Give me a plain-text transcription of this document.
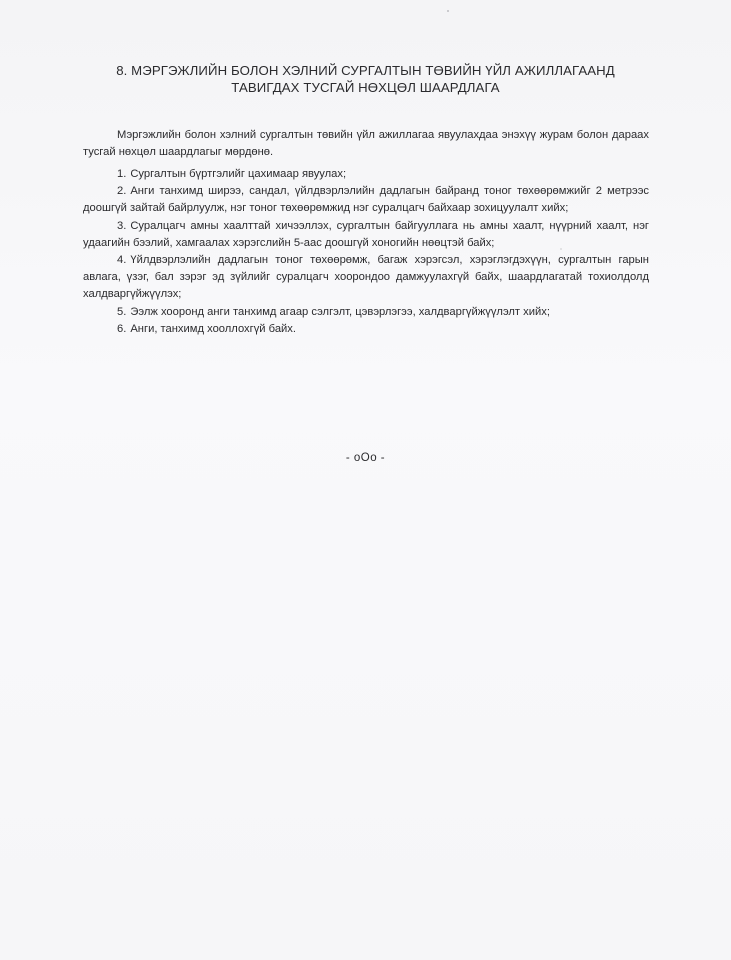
8. МЭРГЭЖЛИЙН БОЛОН ХЭЛНИЙ СУРГАЛТЫН ТӨВИЙН ҮЙЛ АЖИЛЛАГААНД
ТАВИГДАХ ТУСГАЙ НӨХЦӨЛ ШААРДЛАГА

Мэргэжлийн болон хэлний сургалтын төвийн үйл ажиллагаа явуулахдаа энэхүү журам болон дараах тусгай нөхцөл шаардлагыг мөрдөнө.

1. Сургалтын бүртгэлийг цахимаар явуулах;

2. Анги танхимд ширээ, сандал, үйлдвэрлэлийн дадлагын байранд тоног төхөөрөмжийг 2 метрээс доошгүй зайтай байрлуулж, нэг тоног төхөөрөмжид нэг суралцагч байхаар зохицуулалт хийх;

3. Суралцагч амны хаалттай хичээллэх, сургалтын байгууллага нь амны хаалт, нүүрний хаалт, нэг удаагийн бээлий, хамгаалах хэрэгслийн 5-аас доошгүй хоногийн нөөцтэй байх;

4. Үйлдвэрлэлийн дадлагын тоног төхөөрөмж, багаж хэрэгсэл, хэрэглэгдэхүүн, сургалтын гарын авлага, үзэг, бал зэрэг эд зүйлийг суралцагч хоорондоо дамжуулахгүй байх, шаардлагатай тохиолдолд халдваргүйжүүлэх;

5. Ээлж хооронд анги танхимд агаар сэлгэлт, цэвэрлэгээ, халдваргүйжүүлэлт хийх;

6. Анги, танхимд хооллохгүй байх.

- oOo -
